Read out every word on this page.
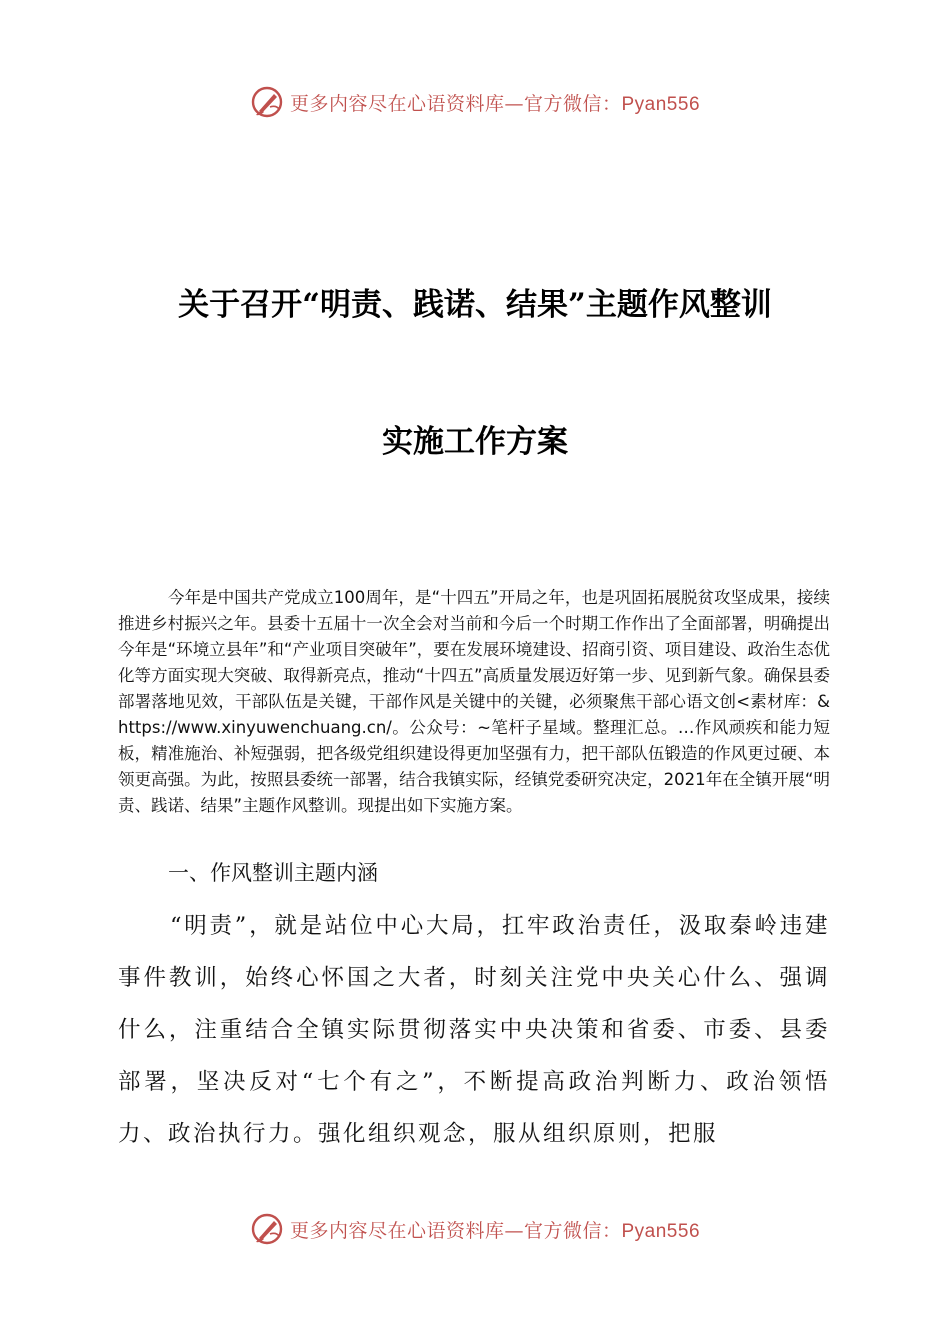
更多内容尽在心语资料库—官方微信：Pyan556
关于召开“明责、践诺、结果”主题作风整训
实施工作方案
今年是中国共产党成立100周年，是“十四五”开局之年，也是巩固拓展脱贫攻坚成果，接续推进乡村振兴之年。县委十五届十一次全会对当前和今后一个时期工作作出了全面部署，明确提出今年是“环境立县年”和“产业项目突破年”，要在发展环境建设、招商引资、项目建设、政治生态优化等方面实现大突破、取得新亮点，推动“十四五”高质量发展迈好第一步、见到新气象。确保县委部署落地见效，干部队伍是关键，干部作风是关键中的关键，必须聚焦干部心语文创<素材库：&https://www.xinyuwenchuang.cn/。公众号：~笔杆子星域。整理汇总。…作风顽疾和能力短板，精准施治、补短强弱，把各级党组织建设得更加坚强有力，把干部队伍锻造的作风更过硬、本领更高强。为此，按照县委统一部署，结合我镇实际，经镇党委研究决定，2021年在全镇开展“明责、践诺、结果”主题作风整训。现提出如下实施方案。
一、作风整训主题内涵
“明责”，就是站位中心大局，扛牢政治责任，汲取秦岭违建事件教训，始终心怀国之大者，时刻关注党中央关心什么、强调什么，注重结合全镇实际贯彻落实中央决策和省委、市委、县委部署，坚决反对“七个有之”，不断提高政治判断力、政治领悟力、政治执行力。强化组织观念，服从组织原则，把服
更多内容尽在心语资料库—官方微信：Pyan556
